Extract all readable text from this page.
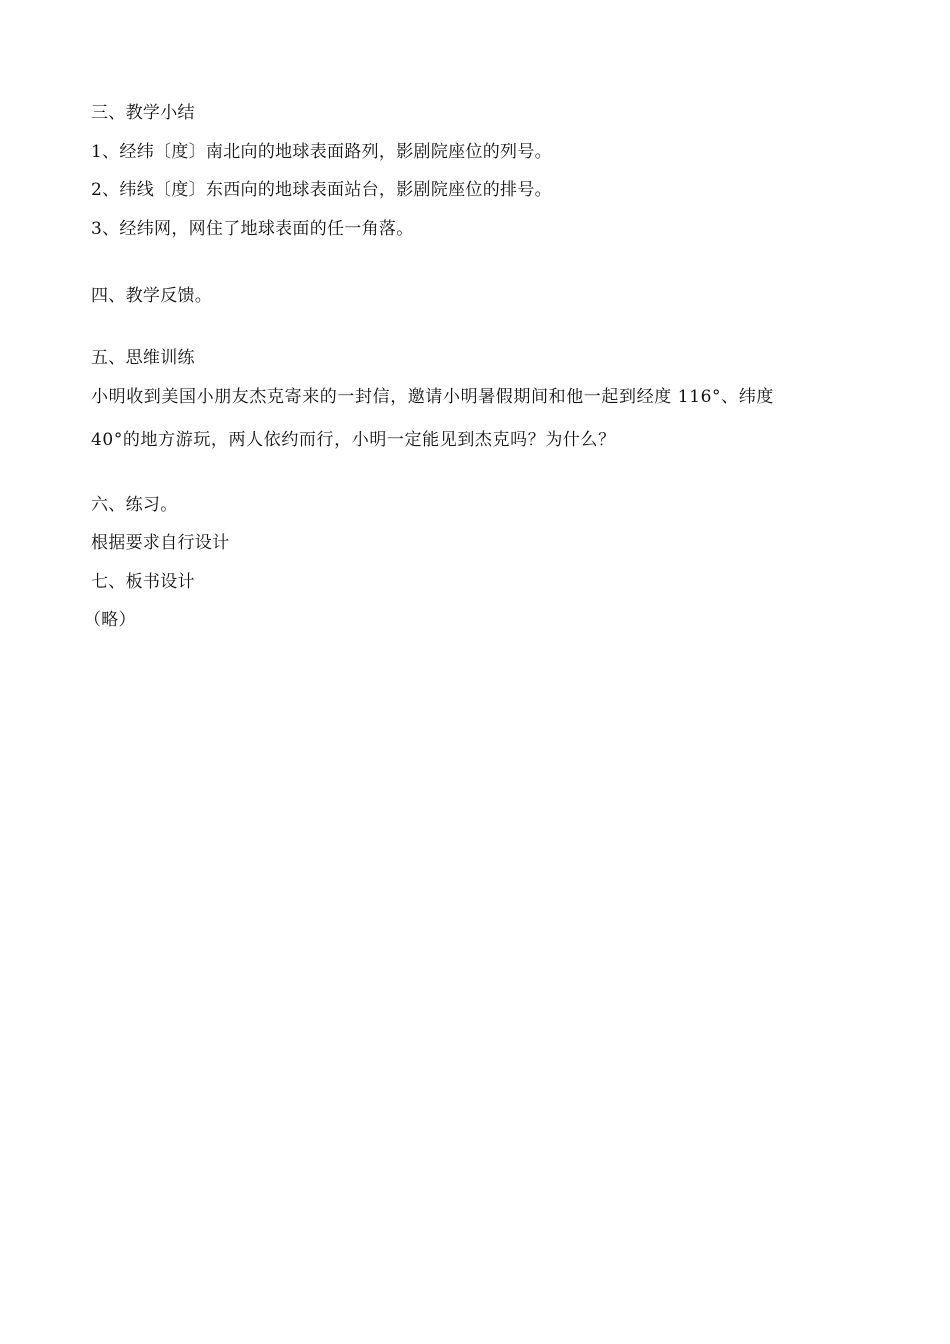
三、教学小结
1、经纬〔度〕南北向的地球表面路列，影剧院座位的列号。
2、纬线〔度〕东西向的地球表面站台，影剧院座位的排号。
3、经纬网，网住了地球表面的任一角落。
四、教学反馈。
五、思维训练
小明收到美国小朋友杰克寄来的一封信，邀请小明暑假期间和他一起到经度 116°、纬度
40°的地方游玩，两人依约而行，小明一定能见到杰克吗？为什么？
六、练习。
根据要求自行设计
七、板书设计
（略）
